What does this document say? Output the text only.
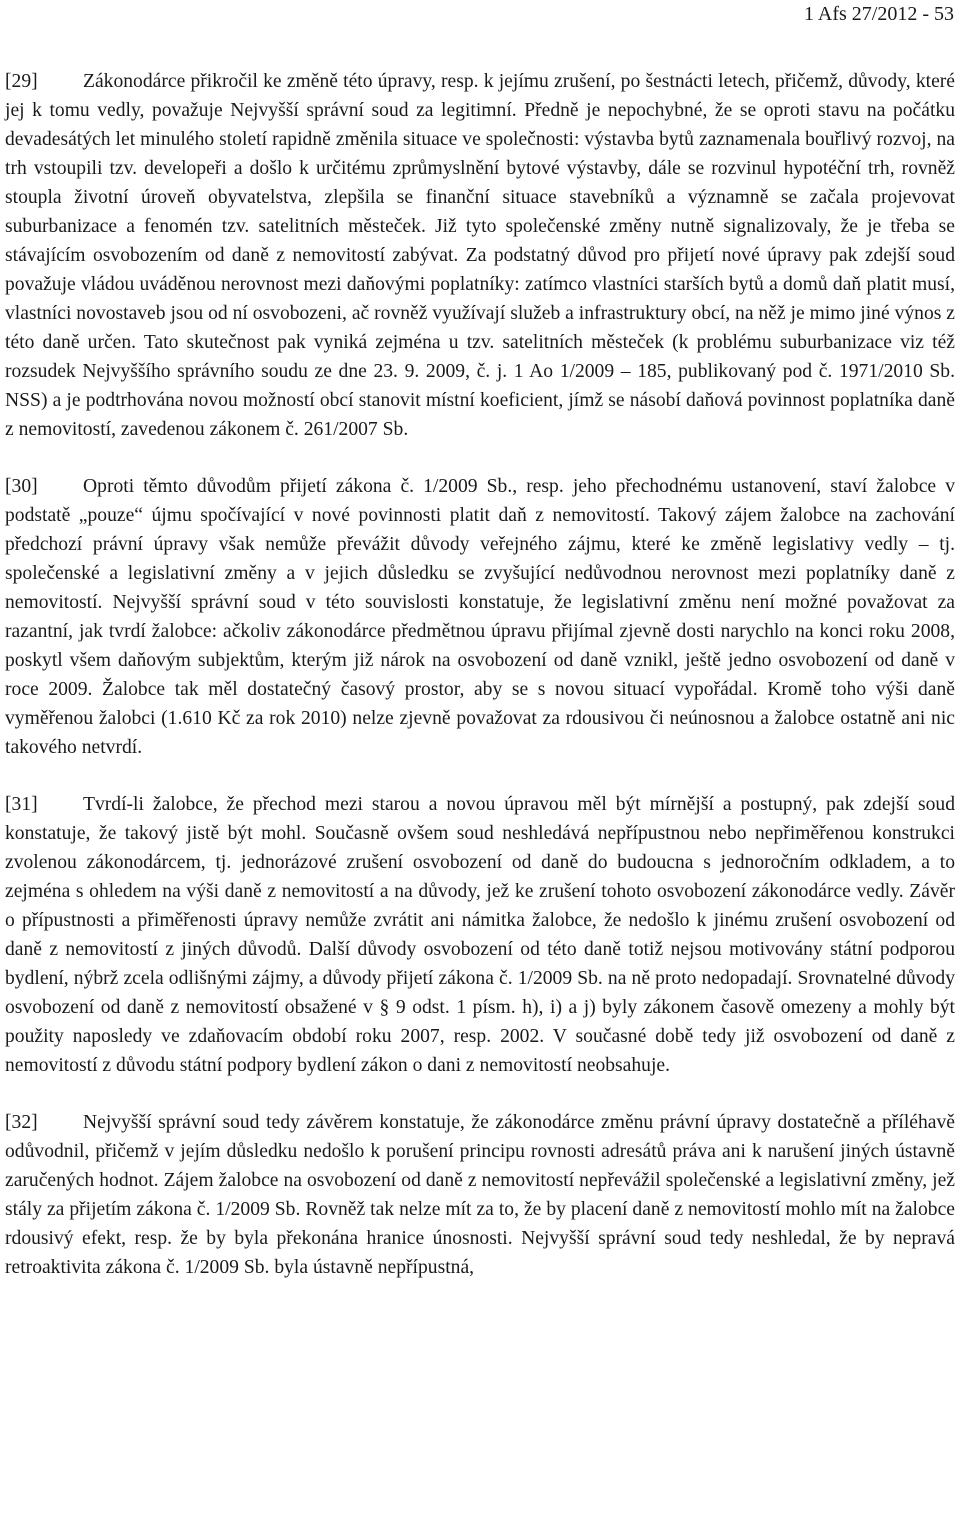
1 Afs 27/2012 - 53

[29] Zákonodárce přikročil ke změně této úpravy, resp. k jejímu zrušení, po šestnácti letech, přičemž, důvody, které jej k tomu vedly, považuje Nejvyšší správní soud za legitimní. Předně je nepochybné, že se oproti stavu na počátku devadesátých let minulého století rapidně změnila situace ve společnosti: výstavba bytů zaznamenala bouřlivý rozvoj, na trh vstoupili tzv. developeři a došlo k určitému zprůmyslnění bytové výstavby, dále se rozvinul hypotéční trh, rovněž stoupla životní úroveň obyvatelstva, zlepšila se finanční situace stavebníků a významně se začala projevovat suburbanizace a fenomén tzv. satelitních městeček. Již tyto společenské změny nutně signalizovaly, že je třeba se stávajícím osvobozením od daně z nemovitostí zabývat. Za podstatný důvod pro přijetí nové úpravy pak zdejší soud považuje vládou uváděnou nerovnost mezi daňovými poplatníky: zatímco vlastníci starších bytů a domů daň platit musí, vlastníci novostaveb jsou od ní osvobozeni, ač rovněž využívají služeb a infrastruktury obcí, na něž je mimo jiné výnos z této daně určen. Tato skutečnost pak vyniká zejména u tzv. satelitních městeček (k problému suburbanizace viz též rozsudek Nejvyššího správního soudu ze dne 23. 9. 2009, č. j. 1 Ao 1/2009 – 185, publikovaný pod č. 1971/2010 Sb. NSS) a je podtrhována novou možností obcí stanovit místní koeficient, jímž se násobí daňová povinnost poplatníka daně z nemovitostí, zavedenou zákonem č. 261/2007 Sb.

[30] Oproti těmto důvodům přijetí zákona č. 1/2009 Sb., resp. jeho přechodnému ustanovení, staví žalobce v podstatě „pouze“ újmu spočívající v nové povinnosti platit daň z nemovitostí. Takový zájem žalobce na zachování předchozí právní úpravy však nemůže převážit důvody veřejného zájmu, které ke změně legislativy vedly – tj. společenské a legislativní změny a v jejich důsledku se zvyšující nedůvodnou nerovnost mezi poplatníky daně z nemovitostí. Nejvyšší správní soud v této souvislosti konstatuje, že legislativní změnu není možné považovat za razantní, jak tvrdí žalobce: ačkoliv zákonodárce předmětnou úpravu přijímal zjevně dosti narychlo na konci roku 2008, poskytl všem daňovým subjektům, kterým již nárok na osvobození od daně vznikl, ještě jedno osvobození od daně v roce 2009. Žalobce tak měl dostatečný časový prostor, aby se s novou situací vypořádal. Kromě toho výši daně vyměřenou žalobci (1.610 Kč za rok 2010) nelze zjevně považovat za rdousivou či neúnosnou a žalobce ostatně ani nic takového netvrdí.

[31] Tvrdí-li žalobce, že přechod mezi starou a novou úpravou měl být mírnější a postupný, pak zdejší soud konstatuje, že takový jistě být mohl. Současně ovšem soud neshledává nepřípustnou nebo nepřiměřenou konstrukci zvolenou zákonodárcem, tj. jednorázové zrušení osvobození od daně do budoucna s jednoročním odkladem, a to zejména s ohledem na výši daně z nemovitostí a na důvody, jež ke zrušení tohoto osvobození zákonodárce vedly. Závěr o přípustnosti a přiměřenosti úpravy nemůže zvrátit ani námitka žalobce, že nedošlo k jinému zrušení osvobození od daně z nemovitostí z jiných důvodů. Další důvody osvobození od této daně totiž nejsou motivovány státní podporou bydlení, nýbrž zcela odlišnými zájmy, a důvody přijetí zákona č. 1/2009 Sb. na ně proto nedopadají. Srovnatelné důvody osvobození od daně z nemovitostí obsažené v § 9 odst. 1 písm. h), i) a j) byly zákonem časově omezeny a mohly být použity naposledy ve zdaňovacím období roku 2007, resp. 2002. V současné době tedy již osvobození od daně z nemovitostí z důvodu státní podpory bydlení zákon o dani z nemovitostí neobsahuje.

[32] Nejvyšší správní soud tedy závěrem konstatuje, že zákonodárce změnu právní úpravy dostatečně a příléhavě odůvodnil, přičemž v jejím důsledku nedošlo k porušení principu rovnosti adresátů práva ani k narušení jiných ústavně zaručených hodnot. Zájem žalobce na osvobození od daně z nemovitostí nepřevážil společenské a legislativní změny, jež stály za přijetím zákona č. 1/2009 Sb. Rovněž tak nelze mít za to, že by placení daně z nemovitostí mohlo mít na žalobce rdousivý efekt, resp. že by byla překonána hranice únosnosti. Nejvyšší správní soud tedy neshledal, že by nepravá retroaktivita zákona č. 1/2009 Sb. byla ústavně nepřípustná,
